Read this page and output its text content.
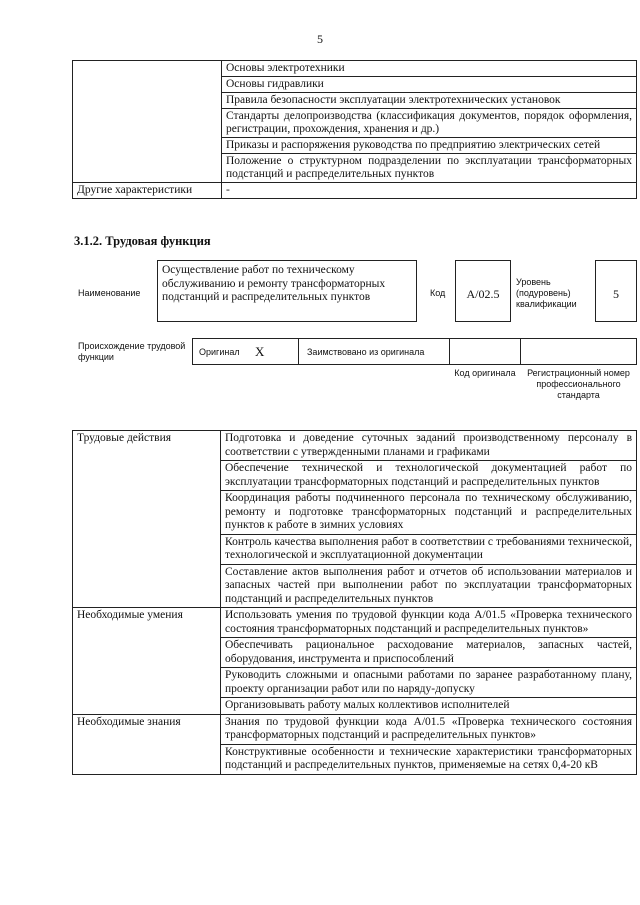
5
	Основы электротехники
	Основы гидравлики
	Правила безопасности эксплуатации электротехнических установок
	Стандарты делопроизводства (классификация документов, порядок оформления, регистрации, прохождения, хранения и др.)
	Приказы и распоряжения руководства по предприятию электрических сетей
	Положение о структурном подразделении по эксплуатации трансформаторных подстанций и распределительных пунктов
Другие характеристики	-
3.1.2. Трудовая функция
Наименование
Осуществление работ по техническому обслуживанию и ремонту трансформаторных подстанций и распределительных пунктов	Код	A/02.5
Уровень (подуровень) квалификации
5
Происхождение трудовой функции	Оригинал X	Заимствовано из оригинала
Код оригинала	Регистрационный номер профессионального стандарта
Трудовые действия	Подготовка и доведение суточных заданий производственному персоналу в соответствии с утвержденными планами и графиками
	Обеспечение технической и технологической документацией работ по эксплуатации трансформаторных подстанций и распределительных пунктов
	Координация работы подчиненного персонала по техническому обслуживанию, ремонту и подготовке трансформаторных подстанций и распределительных пунктов к работе в зимних условиях
	Контроль качества выполнения работ в соответствии с требованиями технической, технологической и эксплуатационной документации
	Составление актов выполнения работ и отчетов об использовании материалов и запасных частей при выполнении работ по эксплуатации трансформаторных подстанций и распределительных пунктов
Необходимые умения	Использовать умения по трудовой функции кода A/01.5 «Проверка технического состояния трансформаторных подстанций и распределительных пунктов»
	Обеспечивать рациональное расходование материалов, запасных частей, оборудования, инструмента и приспособлений
	Руководить сложными и опасными работами по заранее разработанному плану, проекту организации работ или по наряду-допуску
	Организовывать работу малых коллективов исполнителей
Необходимые знания	Знания по трудовой функции кода A/01.5 «Проверка технического состояния трансформаторных подстанций и распределительных пунктов»
	Конструктивные особенности и технические характеристики трансформаторных подстанций и распределительных пунктов, применяемые на сетях 0,4-20 кВ
